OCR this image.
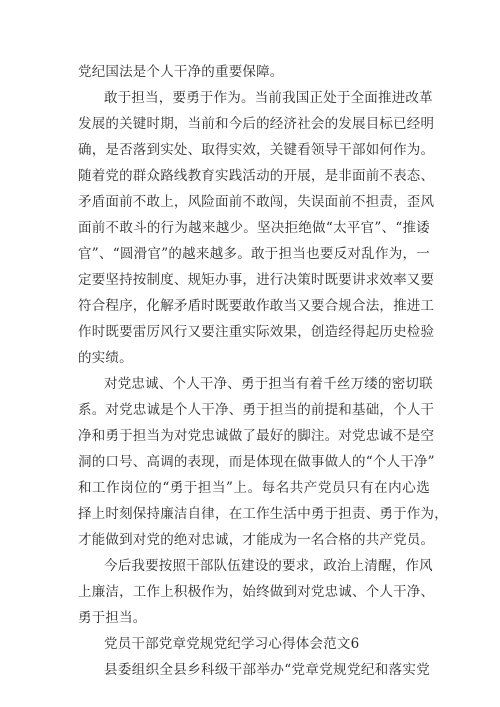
党纪国法是个人干净的重要保障。

敢于担当，要勇于作为。当前我国正处于全面推进改革

发展的关键时期，当前和今后的经济社会的发展目标已经明

确，是否落到实处、取得实效，关键看领导干部如何作为。

随着党的群众路线教育实践活动的开展，是非面前不表态、

矛盾面前不敢上，风险面前不敢闯，失误面前不担责，歪风

面前不敢斗的行为越来越少。坚决拒绝做“太平官”、“推诿

官”、“圆滑官”的越来越多。敢于担当也要反对乱作为，一

定要坚持按制度、规矩办事，进行决策时既要讲求效率又要

符合程序，化解矛盾时既要敢作敢当又要合规合法，推进工

作时既要雷厉风行又要注重实际效果，创造经得起历史检验

的实绩。

对党忠诚、个人干净、勇于担当有着千丝万缕的密切联

系。对党忠诚是个人干净、勇于担当的前提和基础，个人干

净和勇于担当为对党忠诚做了最好的脚注。对党忠诚不是空

洞的口号、高调的表现，而是体现在做事做人的“个人干净”

和工作岗位的“勇于担当”上。每名共产党员只有在内心选

择上时刻保持廉洁自律，在工作生活中勇于担责、勇于作为，

才能做到对党的绝对忠诚，才能成为一名合格的共产党员。

今后我要按照干部队伍建设的要求，政治上清醒，作风

上廉洁，工作上积极作为，始终做到对党忠诚、个人干净、

勇于担当。

党员干部党章党规党纪学习心得体会范文6

县委组织全县乡科级干部举办“党章党规党纪和落实党
